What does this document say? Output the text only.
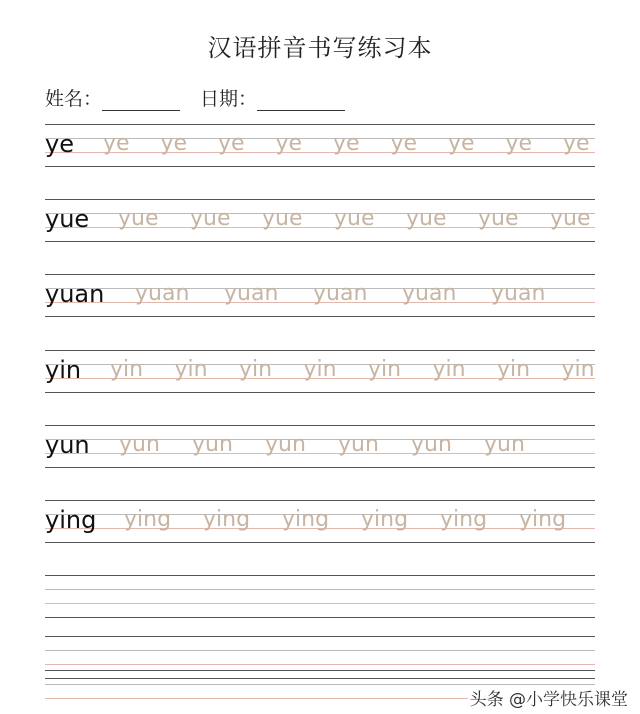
汉语拼音书写练习本
姓名：	日期：
ye ye ye ye ye ye ye ye ye ye
yue yue yue yue yue yue yue yue
yuan yuan yuan yuan yuan yuan
yin yin yin yin yin yin yin yin yin
yun yun yun yun yun yun yun
ying ying ying ying ying ying ying
头条 @小学快乐课堂
